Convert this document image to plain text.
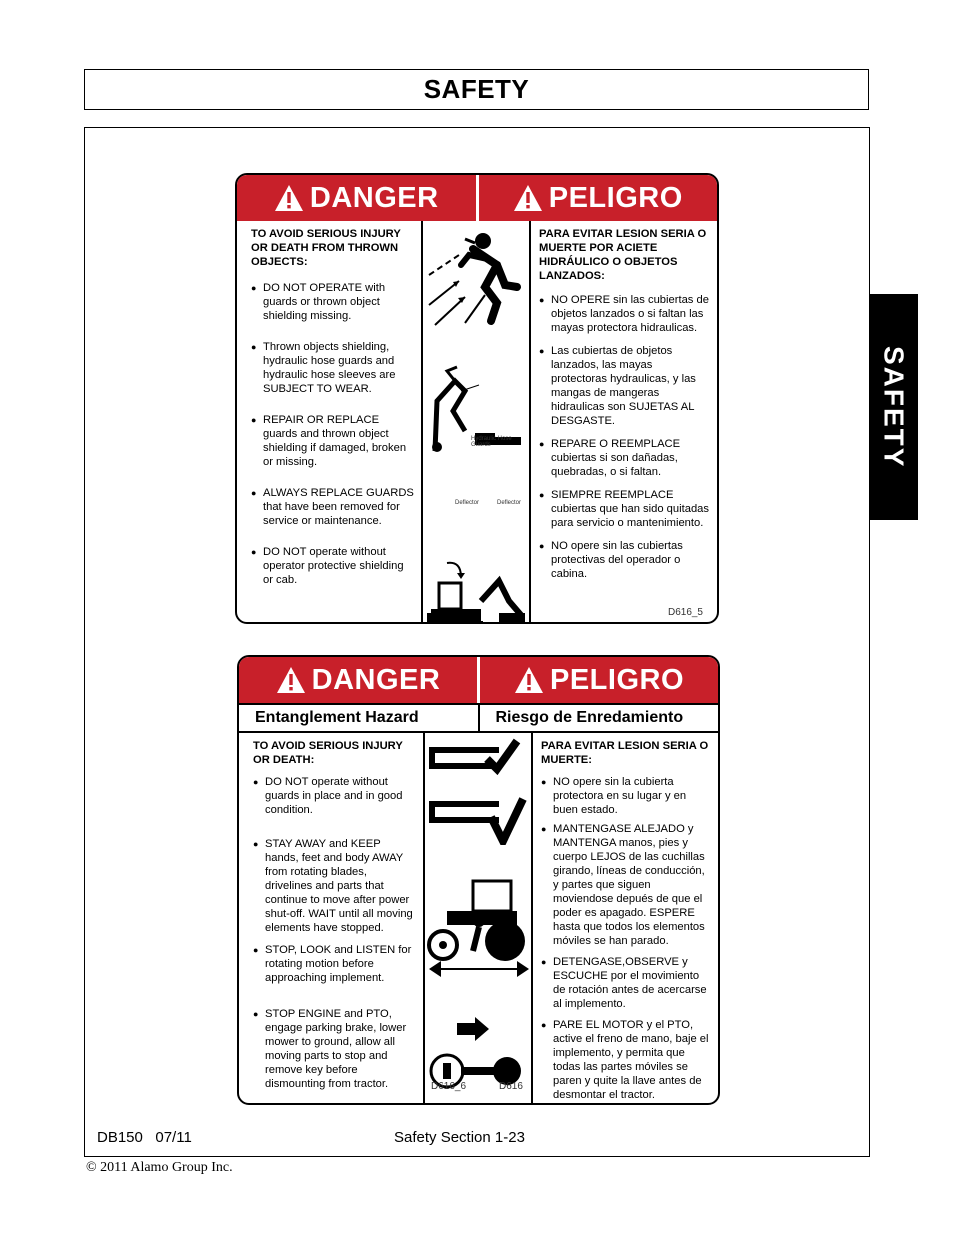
SAFETY
SAFETY
DANGER	PELIGRO
TO AVOID SERIOUS INJURY OR DEATH FROM THROWN OBJECTS:
● DO NOT OPERATE with guards or thrown object shielding missing.
● Thrown objects shielding, hydraulic hose guards and hydraulic hose sleeves are SUBJECT TO WEAR.
● REPAIR OR REPLACE guards and thrown object shielding if damaged, broken or missing.
● ALWAYS REPLACE GUARDS that have been removed for service or maintenance.
● DO NOT operate without operator protective shielding or cab.
Hydraulic Hose Guards
Deflector	Deflector
PARA EVITAR LESION SERIA O MUERTE POR ACIETE HIDRÁULICO O OBJETOS LANZADOS:
● NO OPERE sin las cubiertas de objetos lanzados o si faltan las mayas protectora hidraulicas.
● Las cubiertas de objetos lanzados, las mayas protectoras hydraulicas, y las mangas de mangeras hidraulicas son SUJETAS AL DESGASTE.
● REPARE O REEMPLACE cubiertas si son dañadas, quebradas, o si faltan.
● SIEMPRE REEMPLACE cubiertas que han sido quitadas para servicio o mantenimiento.
● NO opere sin las cubiertas protectivas del operador o cabina.
D616_5
DANGER	PELIGRO
Entanglement Hazard	Riesgo de Enredamiento
TO AVOID SERIOUS INJURY OR DEATH:
● DO NOT operate without guards in place and in good condition.
● STAY AWAY and KEEP hands, feet and body AWAY from rotating blades, drivelines and parts that continue to move after power shut-off. WAIT until all moving elements have stopped.
● STOP, LOOK and LISTEN for rotating motion before approaching implement.
● STOP ENGINE and PTO, engage parking brake, lower mower to ground, allow all moving parts to stop and remove key before dismounting from tractor.	D616_6	D616
PARA EVITAR LESION SERIA O MUERTE:
● NO opere sin la cubierta protectora en su lugar y en buen estado.
● MANTENGASE ALEJADO y MANTENGA manos, pies y cuerpo LEJOS de las cuchillas girando, líneas de conducción, y partes que siguen moviendose depués de que el poder es apagado. ESPERE hasta que todos los elementos móviles se han parado.
● DETENGASE,OBSERVE y ESCUCHE por el movimiento de rotación antes de acercarse al implemento.
● PARE EL MOTOR y el PTO, active el freno de mano, baje el implemento, y permita que todas las partes móviles se paren y quite la llave antes de desmontar el tractor.
DB150   07/11	Safety Section 1-23
© 2011 Alamo Group Inc.
